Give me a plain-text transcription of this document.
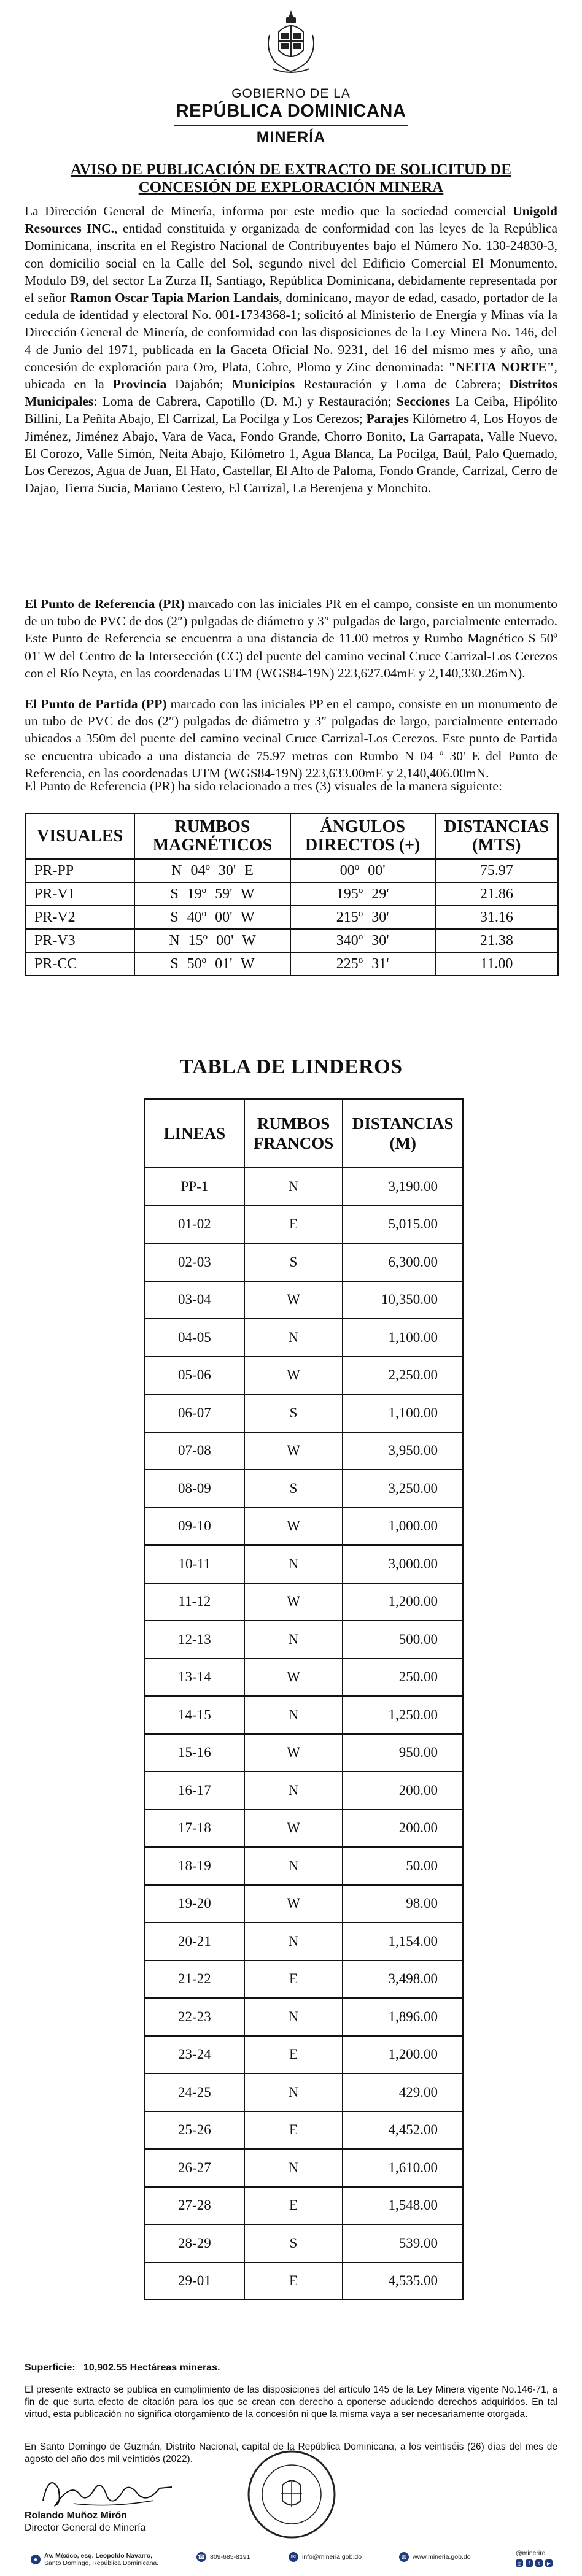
GOBIERNO DE LA
REPÚBLICA DOMINICANA
MINERÍA
AVISO DE PUBLICACIÓN DE EXTRACTO DE SOLICITUD DE CONCESIÓN DE EXPLORACIÓN MINERA
La Dirección General de Minería, informa por este medio que la sociedad comercial Unigold Resources INC., entidad constituida y organizada de conformidad con las leyes de la República Dominicana, inscrita en el Registro Nacional de Contribuyentes bajo el Número No. 130-24830-3, con domicilio social en la Calle del Sol, segundo nivel del Edificio Comercial El Monumento, Modulo B9, del sector La Zurza II, Santiago, República Dominicana, debidamente representada por el señor Ramon Oscar Tapia Marion Landais, dominicano, mayor de edad, casado, portador de la cedula de identidad y electoral No. 001-1734368-1; solicitó al Ministerio de Energía y Minas vía la Dirección General de Minería, de conformidad con las disposiciones de la Ley Minera No. 146, del 4 de Junio del 1971, publicada en la Gaceta Oficial No. 9231, del 16 del mismo mes y año, una concesión de exploración para Oro, Plata, Cobre, Plomo y Zinc denominada: "NEITA NORTE", ubicada en la Provincia Dajabón; Municipios Restauración y Loma de Cabrera; Distritos Municipales: Loma de Cabrera, Capotillo (D. M.) y Restauración; Secciones La Ceiba, Hipólito Billini, La Peñita Abajo, El Carrizal, La Pocilga y Los Cerezos; Parajes Kilómetro 4, Los Hoyos de Jiménez, Jiménez Abajo, Vara de Vaca, Fondo Grande, Chorro Bonito, La Garrapata, Valle Nuevo, El Corozo, Valle Simón, Neita Abajo, Kilómetro 1, Agua Blanca, La Pocilga, Baúl, Palo Quemado, Los Cerezos, Agua de Juan, El Hato, Castellar, El Alto de Paloma, Fondo Grande, Carrizal, Cerro de Dajao, Tierra Sucia, Mariano Cestero, El Carrizal, La Berenjena y Monchito.
El Punto de Referencia (PR) marcado con las iniciales PR en el campo, consiste en un monumento de un tubo de PVC de dos (2″) pulgadas de diámetro y 3″ pulgadas de largo, parcialmente enterrado. Este Punto de Referencia se encuentra a una distancia de 11.00 metros y Rumbo Magnético S 50º 01' W del Centro de la Intersección (CC) del puente del camino vecinal Cruce Carrizal-Los Cerezos con el Río Neyta, en las coordenadas UTM (WGS84-19N) 223,627.04mE y 2,140,330.26mN).
El Punto de Partida (PP) marcado con las iniciales PP en el campo, consiste en un monumento de un tubo de PVC de dos (2″) pulgadas de diámetro y 3″ pulgadas de largo, parcialmente enterrado ubicados a 350m del puente del camino vecinal Cruce Carrizal-Los Cerezos. Este punto de Partida se encuentra ubicado a una distancia de 75.97 metros con Rumbo N 04 º 30' E del Punto de Referencia, en las coordenadas UTM (WGS84-19N) 223,633.00mE y 2,140,406.00mN.
El Punto de Referencia (PR) ha sido relacionado a tres (3) visuales de la manera siguiente:
VISUALES	RUMBOS MAGNÉTICOS	ÁNGULOS DIRECTOS (+)	DISTANCIAS (MTS)
PR-PP	N 04º 30' E	00º 00'	75.97
PR-V1	S 19º 59' W	195º 29'	21.86
PR-V2	S 40º 00' W	215º 30'	31.16
PR-V3	N 15º 00' W	340º 30'	21.38
PR-CC	S 50º 01' W	225º 31'	11.00
TABLA DE LINDEROS
LINEAS	RUMBOS FRANCOS	DISTANCIAS (M)
PP-1	N	3,190.00
01-02	E	5,015.00
02-03	S	6,300.00
03-04	W	10,350.00
04-05	N	1,100.00
05-06	W	2,250.00
06-07	S	1,100.00
07-08	W	3,950.00
08-09	S	3,250.00
09-10	W	1,000.00
10-11	N	3,000.00
11-12	W	1,200.00
12-13	N	500.00
13-14	W	250.00
14-15	N	1,250.00
15-16	W	950.00
16-17	N	200.00
17-18	W	200.00
18-19	N	50.00
19-20	W	98.00
20-21	N	1,154.00
21-22	E	3,498.00
22-23	N	1,896.00
23-24	E	1,200.00
24-25	N	429.00
25-26	E	4,452.00
26-27	N	1,610.00
27-28	E	1,548.00
28-29	S	539.00
29-01	E	4,535.00
Superficie: 10,902.55 Hectáreas mineras.
El presente extracto se publica en cumplimiento de las disposiciones del artículo 145 de la Ley Minera vigente No.146-71, a fin de que surta efecto de citación para los que se crean con derecho a oponerse aduciendo derechos adquiridos. En tal virtud, esta publicación no significa otorgamiento de la concesión ni que la misma vaya a ser necesariamente otorgada.
En Santo Domingo de Guzmán, Distrito Nacional, capital de la República Dominicana, a los veintiséis (26) días del mes de agosto del año dos mil veintidós (2022).
Rolando Muñoz Mirón
Director General de Minería
●	Av. México, esq. Leopoldo Navarro,
Santo Domingo, República Dominicana.
☎ 809-685-8191	✉ info@mineria.gob.do	◍ www.mineria.gob.do	@minerird
◎	f	t	▶
